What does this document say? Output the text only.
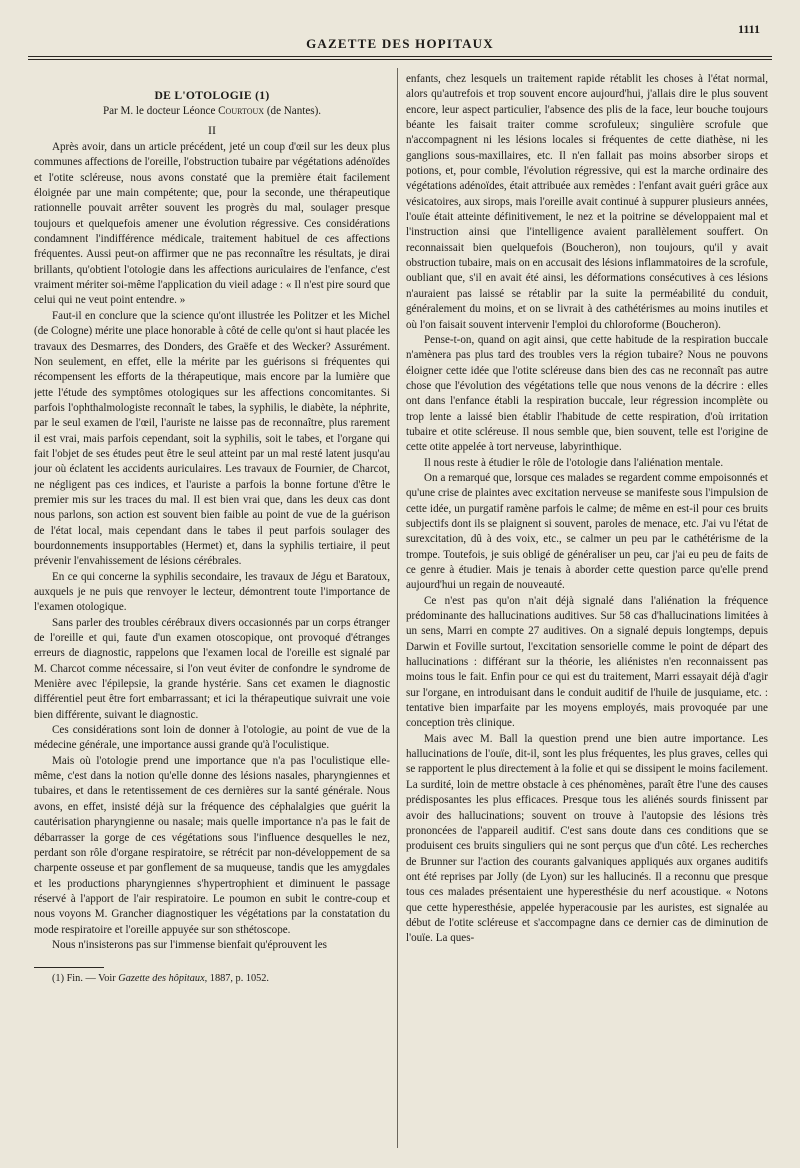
1111
GAZETTE DES HOPITAUX
DE L'OTOLOGIE (1)

Par M. le docteur Léonce Courtoux (de Nantes).

II

Après avoir, dans un article précédent, jeté un coup d'œil sur les deux plus communes affections de l'oreille, l'obstruction tubaire par végétations adénoïdes et l'otite scléreuse, nous avons constaté que la première était facilement éloignée par une main compétente; que, pour la seconde, une thérapeutique rationnelle pouvait arrêter souvent les progrès du mal, soulager presque toujours et quelquefois amener une évolution régressive. Ces considérations condamnent l'indifférence médicale, traitement habituel de ces affections fréquentes. Aussi peut-on affirmer que ne pas reconnaître les résultats, je dirai brillants, qu'obtient l'otologie dans les affections auriculaires de l'enfance, c'est vraiment mériter soi-même l'application du vieil adage : « Il n'est pire sourd que celui qui ne veut point entendre. »

Faut-il en conclure que la science qu'ont illustrée les Politzer et les Michel (de Cologne) mérite une place honorable à côté de celle qu'ont si haut placée les travaux des Desmarres, des Donders, des Graëfe et des Wecker? Assurément. Non seulement, en effet, elle la mérite par les guérisons si fréquentes qui récompensent les efforts de la thérapeutique, mais encore par la lumière que jette l'étude des symptômes otologiques sur les affections concomitantes. Si parfois l'ophthalmologiste reconnaît le tabes, la syphilis, le diabète, la néphrite, par le seul examen de l'œil, l'auriste ne laisse pas de reconnaître, plus rarement il est vrai, mais parfois cependant, soit la syphilis, soit le tabes, et l'organe qui fait l'objet de ses études peut être le seul atteint par un mal resté latent jusqu'au jour où éclatent les accidents auriculaires. Les travaux de Fournier, de Charcot, ne négligent pas ces indices, et l'auriste a parfois la bonne fortune d'être le premier mis sur les traces du mal. Il est bien vrai que, dans les deux cas dont nous parlons, son action est souvent bien faible au point de vue de la guérison de l'état local, mais cependant dans le tabes il peut parfois soulager des bourdonnements insupportables (Hermet) et, dans la syphilis tertiaire, il peut prévenir l'envahissement de lésions cérébrales.

En ce qui concerne la syphilis secondaire, les travaux de Jégu et Baratoux, auxquels je ne puis que renvoyer le lecteur, démontrent toute l'importance de l'examen otologique.

Sans parler des troubles cérébraux divers occasionnés par un corps étranger de l'oreille et qui, faute d'un examen otoscopique, ont provoqué d'étranges erreurs de diagnostic, rappelons que l'examen local de l'oreille est signalé par M. Charcot comme nécessaire, si l'on veut éviter de confondre le syndrome de Menière avec l'épilepsie, la grande hystérie. Sans cet examen le diagnostic différentiel peut être fort embarrassant; et ici la thérapeutique suivrait une voie bien différente, suivant le diagnostic.

Ces considérations sont loin de donner à l'otologie, au point de vue de la médecine générale, une importance aussi grande qu'à l'oculistique.

Mais où l'otologie prend une importance que n'a pas l'oculistique elle-même, c'est dans la notion qu'elle donne des lésions nasales, pharyngiennes et tubaires, et dans le retentissement de ces dernières sur la santé générale. Nous avons, en effet, insisté déjà sur la fréquence des céphalalgies que guérit la cautérisation pharyngienne ou nasale; mais quelle importance n'a pas le fait de débarrasser la gorge de ces végétations sous l'influence desquelles le nez, perdant son rôle d'organe respiratoire, se rétrécit par non-développement de sa charpente osseuse et par gonflement de sa muqueuse, tandis que les amygdales et les productions pharyngiennes s'hypertrophient et diminuent le passage réservé à l'apport de l'air respiratoire. Le poumon en subit le contre-coup et nous voyons M. Grancher diagnostiquer les végétations par la constatation du mode respiratoire et l'oreille appuyée sur son sthétoscope.

Nous n'insisterons pas sur l'immense bienfait qu'éprouvent les

(1) Fin. — Voir Gazette des hôpitaux, 1887, p. 1052.

enfants, chez lesquels un traitement rapide rétablit les choses à l'état normal, alors qu'autrefois et trop souvent encore aujourd'hui, j'allais dire le plus souvent encore, leur aspect particulier, l'absence des plis de la face, leur bouche toujours béante les faisait traiter comme scrofuleux; singulière scrofule que n'accompagnent ni les lésions locales si fréquentes de cette diathèse, ni les ganglions sous-maxillaires, etc. Il n'en fallait pas moins absorber sirops et potions, et, pour comble, l'évolution régressive, qui est la marche ordinaire des végétations adénoïdes, était attribuée aux remèdes : l'enfant avait guéri grâce aux vésicatoires, aux sirops, mais l'oreille avait continué à suppurer plusieurs années, l'ouïe était atteinte définitivement, le nez et la poitrine se développaient mal et l'instruction ainsi que l'intelligence avaient parallèlement souffert. On reconnaissait bien quelquefois (Boucheron), non toujours, qu'il y avait obstruction tubaire, mais on en accusait des lésions inflammatoires de la scrofule, oubliant que, s'il en avait été ainsi, les déformations consécutives à ces lésions n'auraient pas laissé se rétablir par la suite la perméabilité du conduit, généralement du moins, et on se livrait à des cathétérismes au moins inutiles et où l'on faisait souvent intervenir l'emploi du chloroforme (Boucheron).

Pense-t-on, quand on agit ainsi, que cette habitude de la respiration buccale n'amènera pas plus tard des troubles vers la région tubaire? Nous ne pouvons éloigner cette idée que l'otite scléreuse dans bien des cas ne reconnaît pas autre chose que l'évolution des végétations telle que nous venons de la décrire : elles ont dans l'enfance établi la respiration buccale, leur régression incomplète ou trop lente a laissé bien établir l'habitude de cette respiration, d'où irritation tubaire et otite scléreuse. Il nous semble que, bien souvent, telle est l'origine de cette otite appelée à tort nerveuse, labyrinthique.

Il nous reste à étudier le rôle de l'otologie dans l'aliénation mentale.

On a remarqué que, lorsque ces malades se regardent comme empoisonnés et qu'une crise de plaintes avec excitation nerveuse se manifeste sous l'impulsion de cette idée, un purgatif ramène parfois le calme; de même en est-il pour ces bruits subjectifs dont ils se plaignent si souvent, paroles de menace, etc. J'ai vu l'état de surexcitation, dû à des voix, etc., se calmer un peu par le cathétérisme de la trompe. Toutefois, je suis obligé de généraliser un peu, car j'ai eu peu de faits de ce genre à étudier. Mais je tenais à aborder cette question parce qu'elle prend aujourd'hui un regain de nouveauté.

Ce n'est pas qu'on n'ait déjà signalé dans l'aliénation la fréquence prédominante des hallucinations auditives. Sur 58 cas d'hallucinations limitées à un sens, Marri en compte 27 auditives. On a signalé depuis longtemps, depuis Darwin et Foville surtout, l'excitation sensorielle comme le point de départ des hallucinations : différant sur la théorie, les aliénistes n'en reconnaissent pas moins tous le fait. Enfin pour ce qui est du traitement, Marri essayait déjà d'agir sur l'organe, en introduisant dans le conduit auditif de l'huile de jusquiame, etc. : tentative bien imparfaite par les moyens employés, mais provoquée par une conception très clinique.

Mais avec M. Ball la question prend une bien autre importance. Les hallucinations de l'ouïe, dit-il, sont les plus fréquentes, les plus graves, celles qui se rapportent le plus directement à la folie et qui se dissipent le moins facilement. La surdité, loin de mettre obstacle à ces phénomènes, paraît être l'une des causes prédisposantes les plus efficaces. Presque tous les aliénés sourds finissent par avoir des hallucinations; souvent on trouve à l'autopsie des lésions très prononcées de l'appareil auditif. C'est sans doute dans ces conditions que se produisent ces bruits singuliers qui ne sont perçus que d'un côté. Les recherches de Brunner sur l'action des courants galvaniques appliqués aux organes auditifs ont été reprises par Jolly (de Lyon) sur les hallucinés. Il a reconnu que presque tous ces malades présentaient une hyperesthésie du nerf acoustique. « Notons que cette hyperesthésie, appelée hyperacousie par les auristes, est signalée au début de l'otite scléreuse et s'accompagne dans ce dernier cas de diminution de l'ouïe. La ques-
